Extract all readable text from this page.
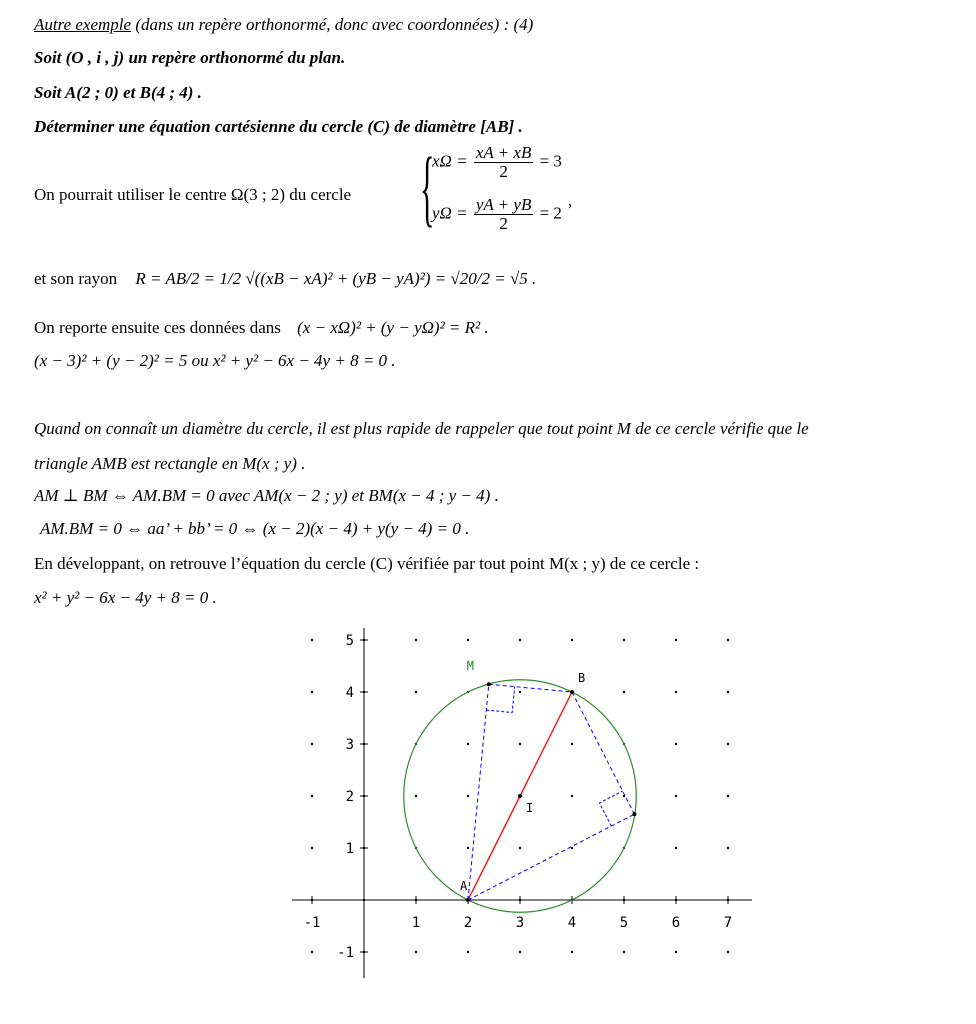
Autre exemple (dans un repère orthonormé, donc avec coordonnées) : (4)
Soit (O , i , j) un repère orthonormé du plan.
Soit A(2 ; 0) et B(4 ; 4) .
Déterminer une équation cartésienne du cercle (C) de diamètre [AB] .
On pourrait utiliser le centre Ω(3 ; 2) du cercle {
$x\Omega = \frac{xA + xB}{2} = 3$
$y\Omega = \frac{yA + yB}{2} = 2$
,
et son rayon R = AB/2 = 1/2 √((xB − xA)² + (yB − yA)²) = √20/2 = √5 .
On reporte ensuite ces données dans (x − xΩ)² + (y − yΩ)² = R² .
(x − 3)² + (y − 2)² = 5 ou x² + y² − 6x − 4y + 8 = 0 .
Quand on connaît un diamètre du cercle, il est plus rapide de rappeler que tout point M de ce cercle vérifie que le
triangle AMB est rectangle en M(x ; y) .
AM ⊥ BM ⇔ AM.BM = 0 avec AM(x − 2 ; y) et BM(x − 4 ; y − 4) .
AM.BM = 0 ⇔ aa’ + bb’ = 0 ⇔ (x − 2)(x − 4) + y(y − 4) = 0 .
En développant, on retrouve l’équation du cercle (C) vérifiée par tout point M(x ; y) de ce cercle :
x² + y² − 6x − 4y + 8 = 0 .
-1	1	2	3	4	5	6	7
5
4
3
2
1
-1
A
B
I
M
